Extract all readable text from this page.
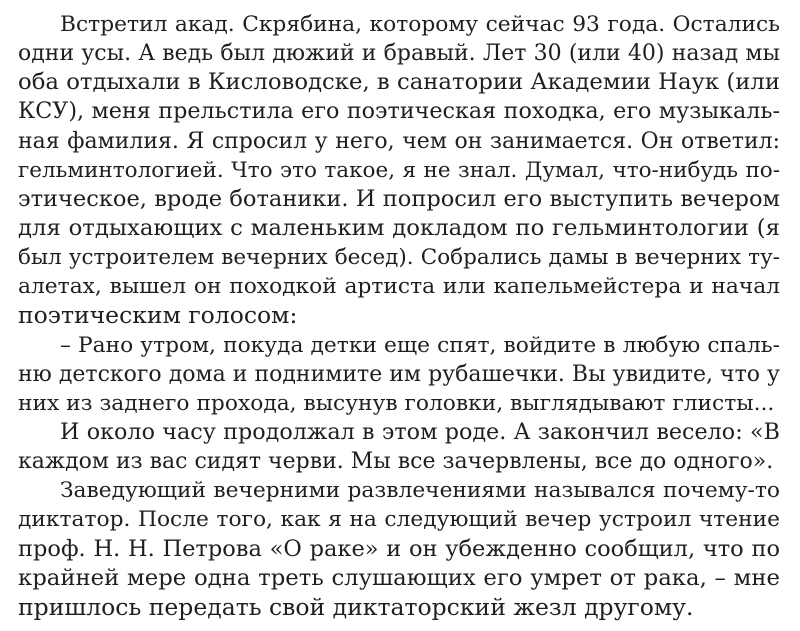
Встретил акад. Скрябина, которому сейчас 93 года. Остались
одни усы. А ведь был дюжий и бравый. Лет 30 (или 40) назад мы
оба отдыхали в Кисловодске, в санатории Академии Наук (или
КСУ), меня прельстила его поэтическая походка, его музыкаль-
ная фамилия. Я спросил у него, чем он занимается. Он ответил:
гельминтологией. Что это такое, я не знал. Думал, что-нибудь по-
этическое, вроде ботаники. И попросил его выступить вечером
для отдыхающих с маленьким докладом по гельминтологии (я
был устроителем вечерних бесед). Собрались дамы в вечерних ту-
алетах, вышел он походкой артиста или капельмейстера и начал
поэтическим голосом:
– Рано утром, покуда детки еще спят, войдите в любую спаль-
ню детского дома и поднимите им рубашечки. Вы увидите, что у
них из заднего прохода, высунув головки, выглядывают глисты...
И около часу продолжал в этом роде. А закончил весело: «В
каждом из вас сидят черви. Мы все зачервлены, все до одного».
Заведующий вечерними развлечениями назывался почему-то
диктатор. После того, как я на следующий вечер устроил чтение
проф. Н. Н. Петрова «О раке» и он убежденно сообщил, что по
крайней мере одна треть слушающих его умрет от рака, – мне
пришлось передать свой диктаторский жезл другому.
